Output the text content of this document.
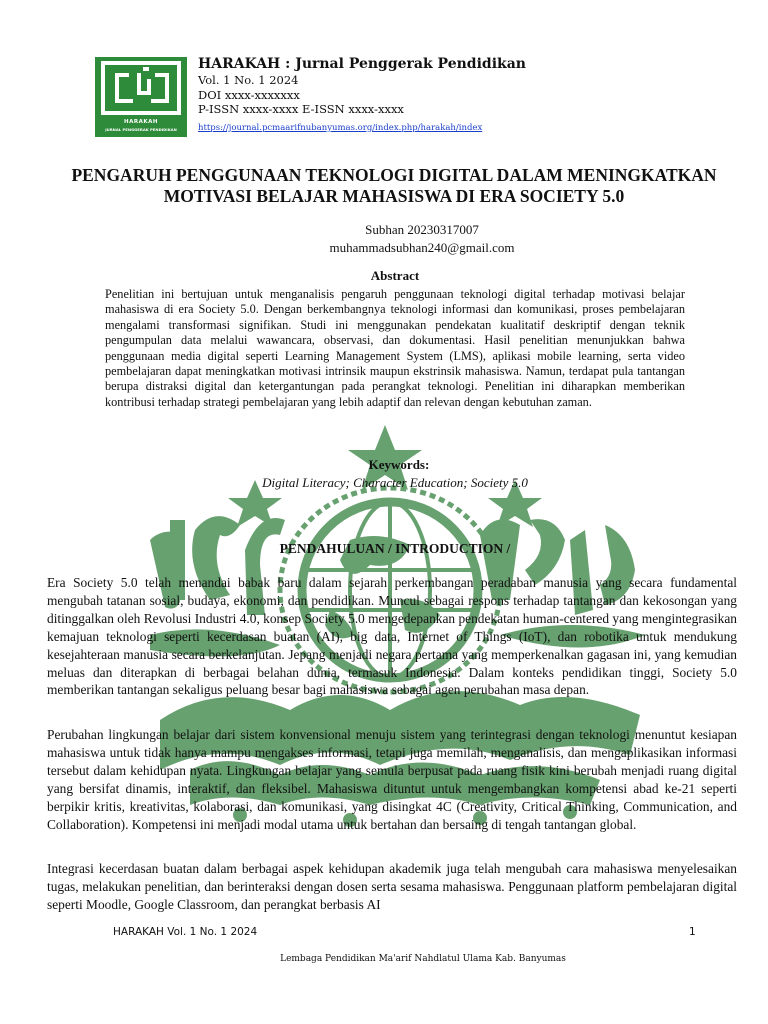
HARAKAH
JURNAL PENGGERAK PENDIDIKAN
HARAKAH : Jurnal Penggerak Pendidikan
Vol. 1 No. 1 2024
DOI xxxx-xxxxxxx
P-ISSN xxxx-xxxx E-ISSN xxxx-xxxx
https://journal.pcmaarifnubanyumas.org/index.php/harakah/index
PENGARUH PENGGUNAAN TEKNOLOGI DIGITAL DALAM MENINGKATKAN
MOTIVASI BELAJAR MAHASISWA DI ERA SOCIETY 5.0
Subhan 20230317007
muhammadsubhan240@gmail.com
Abstract
Penelitian ini bertujuan untuk menganalisis pengaruh penggunaan teknologi digital terhadap motivasi belajar mahasiswa di era Society 5.0. Dengan berkembangnya teknologi informasi dan komunikasi, proses pembelajaran mengalami transformasi signifikan. Studi ini menggunakan pendekatan kualitatif deskriptif dengan teknik pengumpulan data melalui wawancara, observasi, dan dokumentasi. Hasil penelitian menunjukkan bahwa penggunaan media digital seperti Learning Management System (LMS), aplikasi mobile learning, serta video pembelajaran dapat meningkatkan motivasi intrinsik maupun ekstrinsik mahasiswa. Namun, terdapat pula tantangan berupa distraksi digital dan ketergantungan pada perangkat teknologi. Penelitian ini diharapkan memberikan kontribusi terhadap strategi pembelajaran yang lebih adaptif dan relevan dengan kebutuhan zaman.
Keywords:
Digital Literacy; Character Education; Society 5.0
PENDAHULUAN / INTRODUCTION /

Era Society 5.0 telah menandai babak baru dalam sejarah perkembangan peradaban manusia yang secara fundamental mengubah tatanan sosial, budaya, ekonomi, dan pendidikan. Muncul sebagai respons terhadap tantangan dan kekosongan yang ditinggalkan oleh Revolusi Industri 4.0, konsep Society 5.0 mengedepankan pendekatan human-centered yang mengintegrasikan kemajuan teknologi seperti kecerdasan buatan (AI), big data, Internet of Things (IoT), dan robotika untuk mendukung kesejahteraan manusia secara berkelanjutan. Jepang menjadi negara pertama yang memperkenalkan gagasan ini, yang kemudian meluas dan diterapkan di berbagai belahan dunia, termasuk Indonesia. Dalam konteks pendidikan tinggi, Society 5.0 memberikan tantangan sekaligus peluang besar bagi mahasiswa sebagai agen perubahan masa depan.

Perubahan lingkungan belajar dari sistem konvensional menuju sistem yang terintegrasi dengan teknologi menuntut kesiapan mahasiswa untuk tidak hanya mampu mengakses informasi, tetapi juga memilah, menganalisis, dan mengaplikasikan informasi tersebut dalam kehidupan nyata. Lingkungan belajar yang semula berpusat pada ruang fisik kini berubah menjadi ruang digital yang bersifat dinamis, interaktif, dan fleksibel. Mahasiswa dituntut untuk mengembangkan kompetensi abad ke-21 seperti berpikir kritis, kreativitas, kolaborasi, dan komunikasi, yang disingkat 4C (Creativity, Critical Thinking, Communication, and Collaboration). Kompetensi ini menjadi modal utama untuk bertahan dan bersaing di tengah tantangan global.

Integrasi kecerdasan buatan dalam berbagai aspek kehidupan akademik juga telah mengubah cara mahasiswa menyelesaikan tugas, melakukan penelitian, dan berinteraksi dengan dosen serta sesama mahasiswa. Penggunaan platform pembelajaran digital seperti Moodle, Google Classroom, dan perangkat berbasis AI

HARAKAH Vol. 1 No. 1 2024	1
Lembaga Pendidikan Ma'arif Nahdlatul Ulama Kab. Banyumas
